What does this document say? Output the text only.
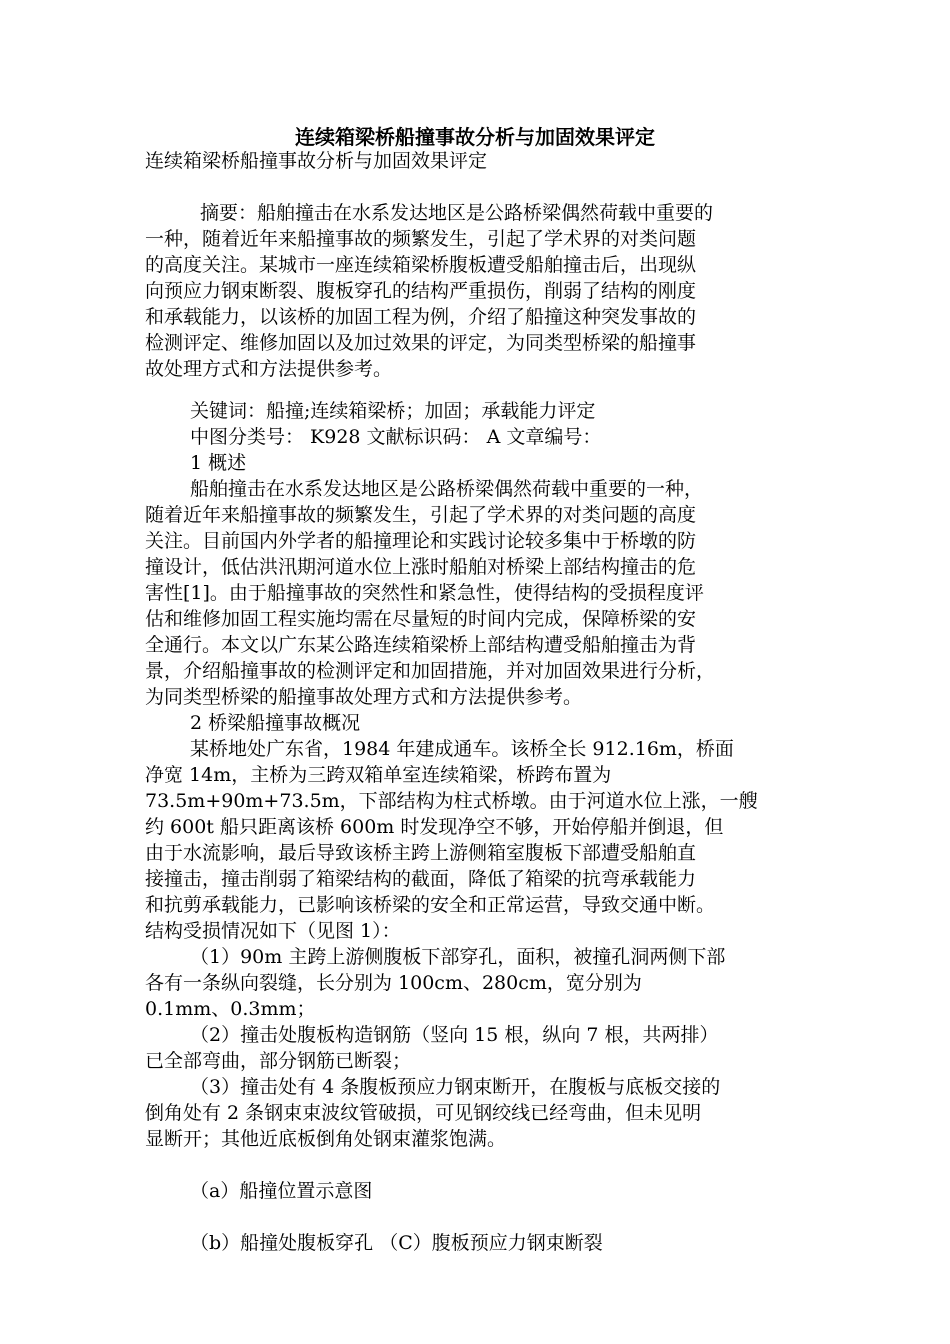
连续箱梁桥船撞事故分析与加固效果评定
连续箱梁桥船撞事故分析与加固效果评定
摘要：船舶撞击在水系发达地区是公路桥梁偶然荷载中重要的
一种，随着近年来船撞事故的频繁发生，引起了学术界的对类问题
的高度关注。某城市一座连续箱梁桥腹板遭受船舶撞击后，出现纵
向预应力钢束断裂、腹板穿孔的结构严重损伤，削弱了结构的刚度
和承载能力，以该桥的加固工程为例，介绍了船撞这种突发事故的
检测评定、维修加固以及加过效果的评定，为同类型桥梁的船撞事
故处理方式和方法提供参考。
关键词：船撞;连续箱梁桥；加固；承载能力评定
中图分类号： K928 文献标识码： A 文章编号：
1 概述
船舶撞击在水系发达地区是公路桥梁偶然荷载中重要的一种，
随着近年来船撞事故的频繁发生，引起了学术界的对类问题的高度
关注。目前国内外学者的船撞理论和实践讨论较多集中于桥墩的防
撞设计，低估洪汛期河道水位上涨时船舶对桥梁上部结构撞击的危
害性[1]。由于船撞事故的突然性和紧急性，使得结构的受损程度评
估和维修加固工程实施均需在尽量短的时间内完成，保障桥梁的安
全通行。本文以广东某公路连续箱梁桥上部结构遭受船舶撞击为背
景，介绍船撞事故的检测评定和加固措施，并对加固效果进行分析，
为同类型桥梁的船撞事故处理方式和方法提供参考。
2 桥梁船撞事故概况
某桥地处广东省，1984 年建成通车。该桥全长 912.16m，桥面
净宽 14m，主桥为三跨双箱单室连续箱梁，桥跨布置为
73.5m+90m+73.5m，下部结构为柱式桥墩。由于河道水位上涨，一艘
约 600t 船只距离该桥 600m 时发现净空不够，开始停船并倒退，但
由于水流影响，最后导致该桥主跨上游侧箱室腹板下部遭受船舶直
接撞击，撞击削弱了箱梁结构的截面，降低了箱梁的抗弯承载能力
和抗剪承载能力，已影响该桥梁的安全和正常运营，导致交通中断。
结构受损情况如下（见图 1）：
（1）90m 主跨上游侧腹板下部穿孔，面积，被撞孔洞两侧下部
各有一条纵向裂缝，长分别为 100cm、280cm，宽分别为
0.1mm、0.3mm；
（2）撞击处腹板构造钢筋（竖向 15 根，纵向 7 根，共两排）
已全部弯曲，部分钢筋已断裂；
（3）撞击处有 4 条腹板预应力钢束断开，在腹板与底板交接的
倒角处有 2 条钢束束波纹管破损，可见钢绞线已经弯曲，但未见明
显断开；其他近底板倒角处钢束灌浆饱满。
（a）船撞位置示意图
（b）船撞处腹板穿孔 （C）腹板预应力钢束断裂
